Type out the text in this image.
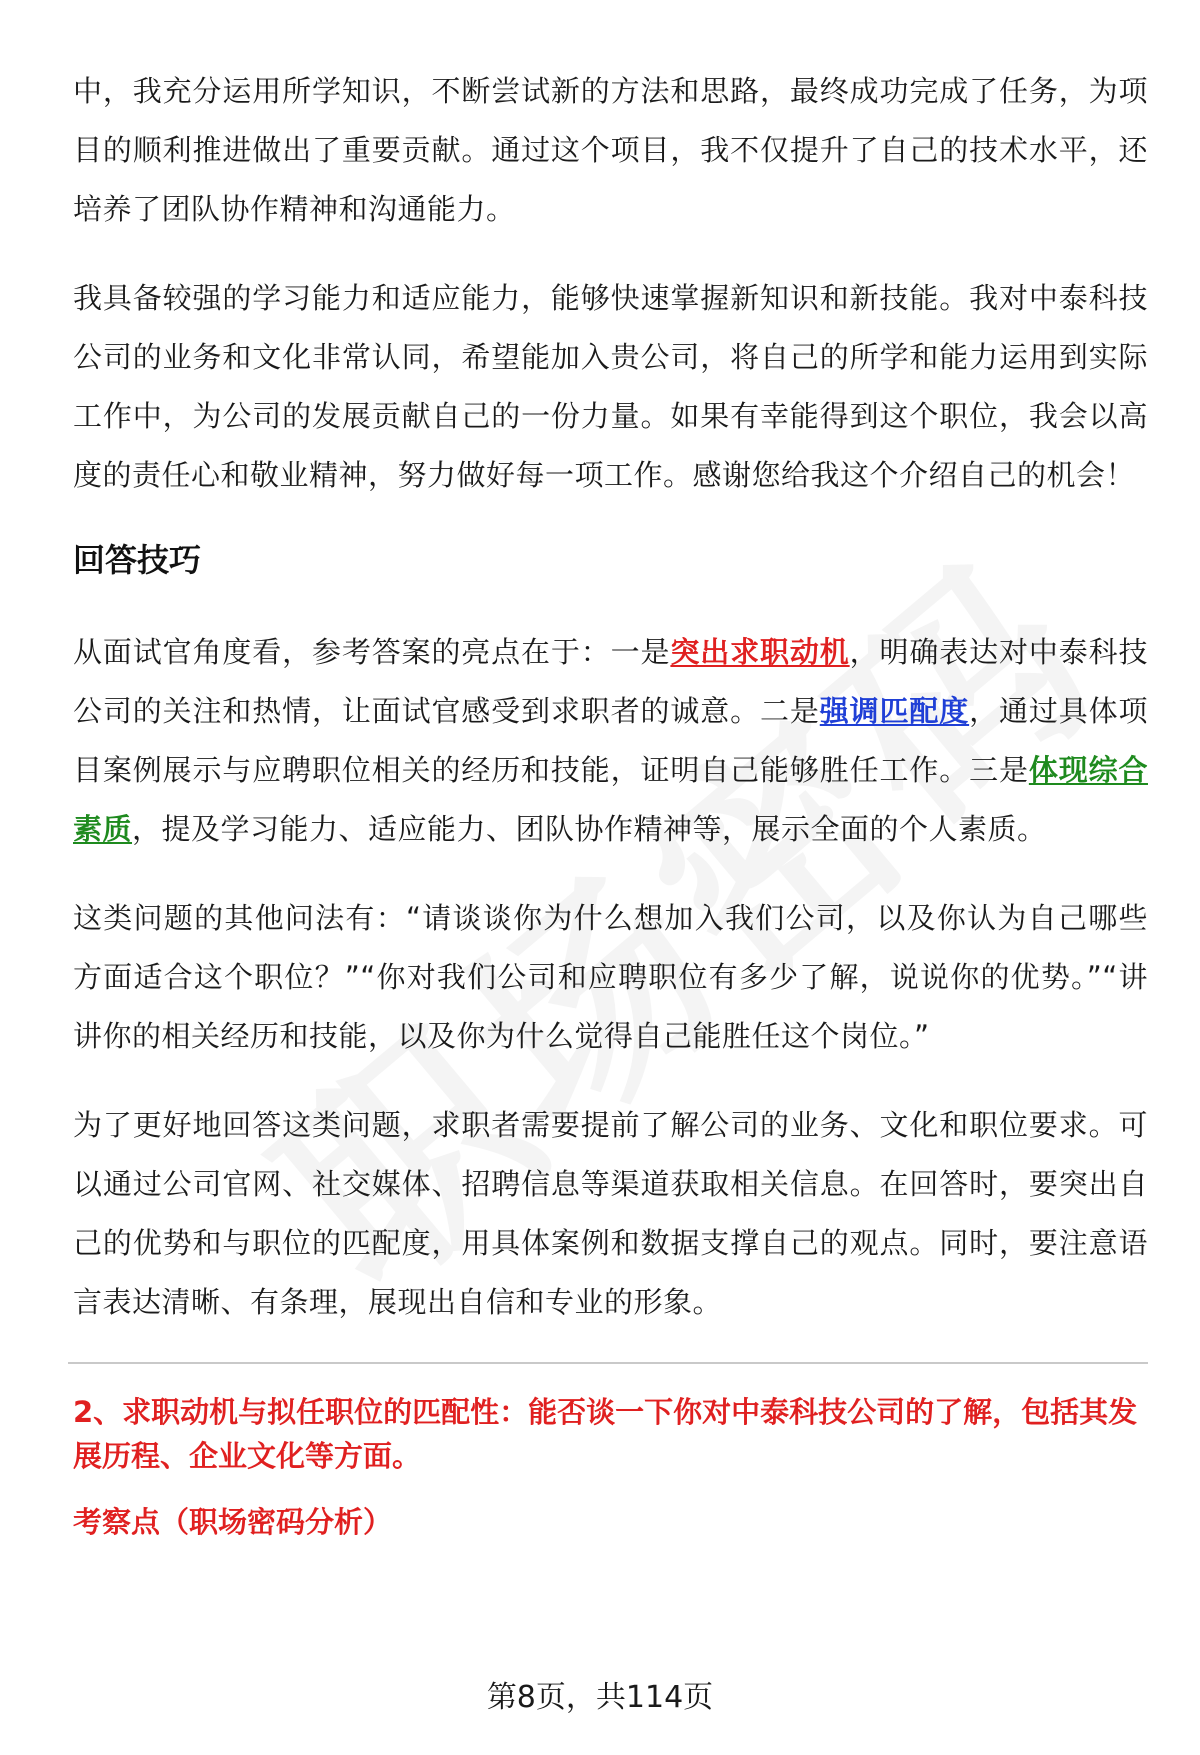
中，我充分运用所学知识，不断尝试新的方法和思路，最终成功完成了任务，为项目的顺利推进做出了重要贡献。通过这个项目，我不仅提升了自己的技术水平，还培养了团队协作精神和沟通能力。

我具备较强的学习能力和适应能力，能够快速掌握新知识和新技能。我对中泰科技公司的业务和文化非常认同，希望能加入贵公司，将自己的所学和能力运用到实际工作中，为公司的发展贡献自己的一份力量。如果有幸能得到这个职位，我会以高度的责任心和敬业精神，努力做好每一项工作。感谢您给我这个介绍自己的机会！

回答技巧

从面试官角度看，参考答案的亮点在于：一是突出求职动机，明确表达对中泰科技公司的关注和热情，让面试官感受到求职者的诚意。二是强调匹配度，通过具体项目案例展示与应聘职位相关的经历和技能，证明自己能够胜任工作。三是体现综合素质，提及学习能力、适应能力、团队协作精神等，展示全面的个人素质。

这类问题的其他问法有：“请谈谈你为什么想加入我们公司，以及你认为自己哪些方面适合这个职位？”“你对我们公司和应聘职位有多少了解，说说你的优势。”“讲讲你的相关经历和技能，以及你为什么觉得自己能胜任这个岗位。”

为了更好地回答这类问题，求职者需要提前了解公司的业务、文化和职位要求。可以通过公司官网、社交媒体、招聘信息等渠道获取相关信息。在回答时，要突出自己的优势和与职位的匹配度，用具体案例和数据支撑自己的观点。同时，要注意语言表达清晰、有条理，展现出自信和专业的形象。

2、求职动机与拟任职位的匹配性：能否谈一下你对中泰科技公司的了解，包括其发展历程、企业文化等方面。

考察点（职场密码分析）

第8页，共114页
